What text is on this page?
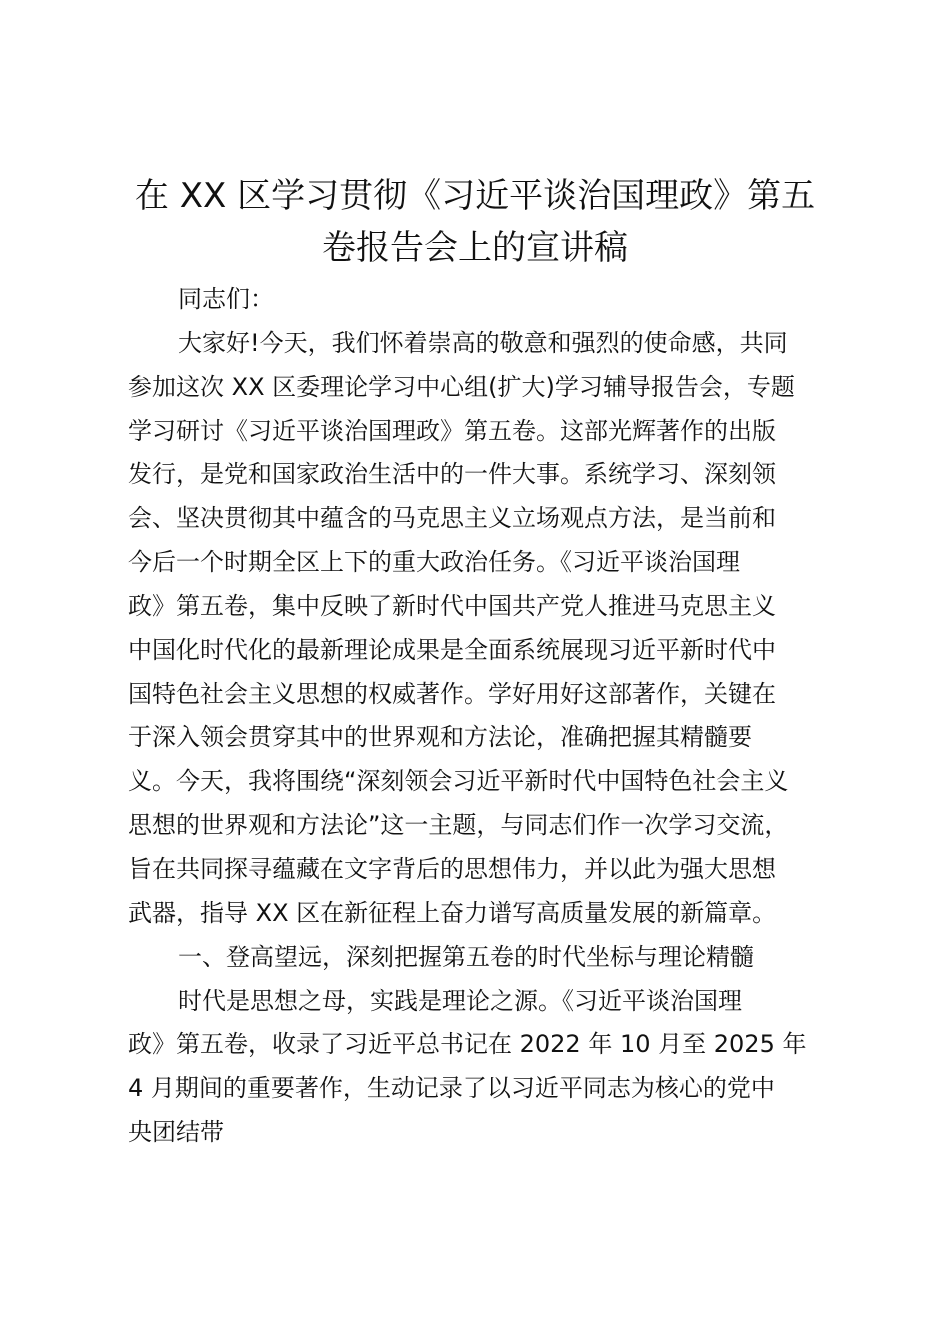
在 XX 区学习贯彻《习近平谈治国理政》第五
卷报告会上的宣讲稿
同志们：
大家好!今天，我们怀着崇高的敬意和强烈的使命感，共同
参加这次 XX 区委理论学习中心组(扩大)学习辅导报告会，专题
学习研讨《习近平谈治国理政》第五卷。这部光辉著作的出版
发行，是党和国家政治生活中的一件大事。系统学习、深刻领
会、坚决贯彻其中蕴含的马克思主义立场观点方法，是当前和
今后一个时期全区上下的重大政治任务。《习近平谈治国理
政》第五卷，集中反映了新时代中国共产党人推进马克思主义
中国化时代化的最新理论成果是全面系统展现习近平新时代中
国特色社会主义思想的权威著作。学好用好这部著作，关键在
于深入领会贯穿其中的世界观和方法论，准确把握其精髓要
义。今天，我将围绕“深刻领会习近平新时代中国特色社会主义
思想的世界观和方法论”这一主题，与同志们作一次学习交流，
旨在共同探寻蕴藏在文字背后的思想伟力，并以此为强大思想
武器，指导 XX 区在新征程上奋力谱写高质量发展的新篇章。
一、登高望远，深刻把握第五卷的时代坐标与理论精髓
时代是思想之母，实践是理论之源。《习近平谈治国理
政》第五卷，收录了习近平总书记在 2022 年 10 月至 2025 年
4 月期间的重要著作，生动记录了以习近平同志为核心的党中
央团结带
